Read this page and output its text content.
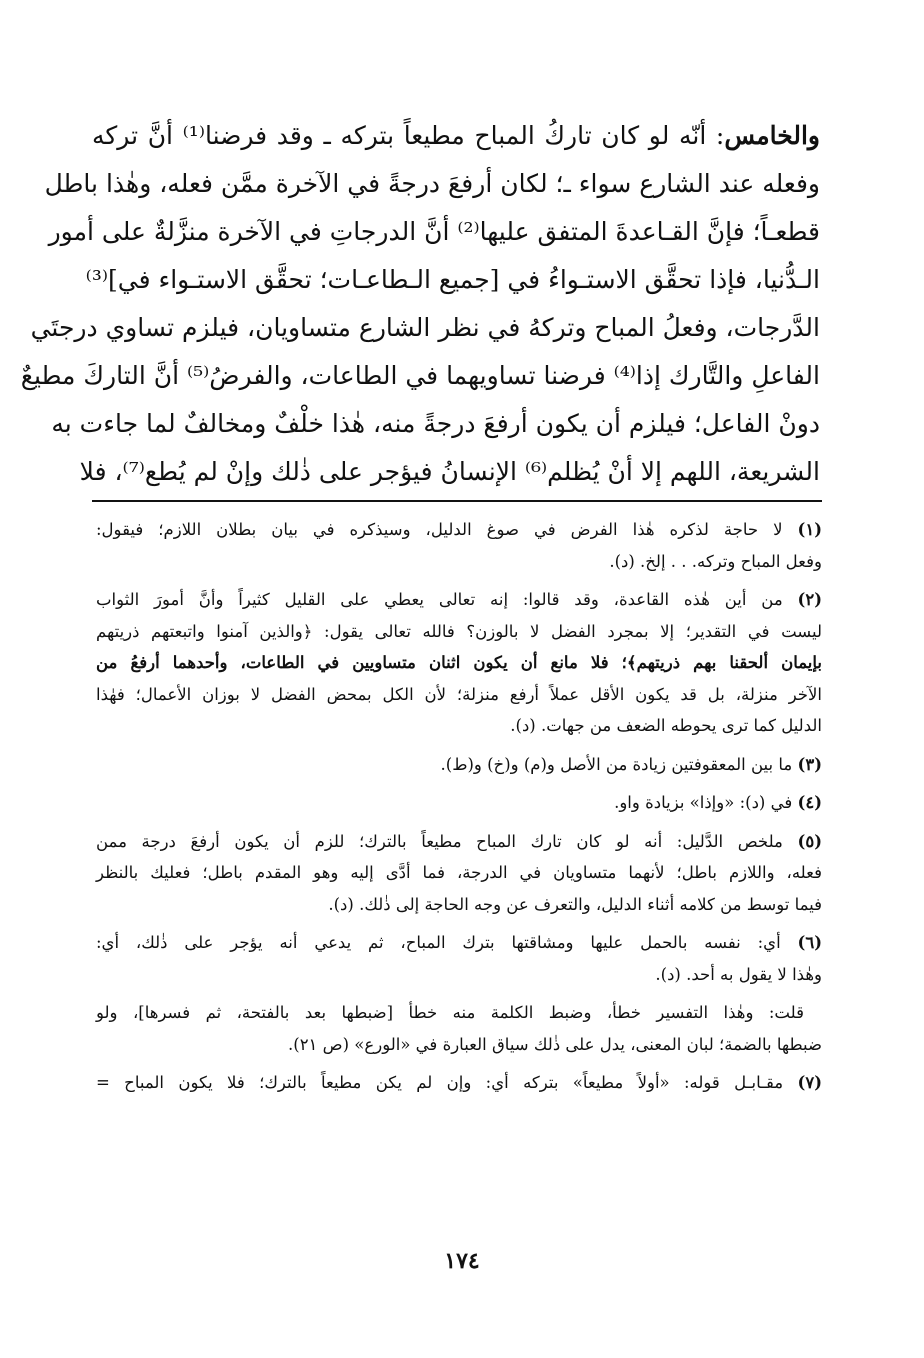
والخامس: أنّه لو كان تاركُ المباح مطيعاً بتركه ـ وقد فرضنا⁽¹⁾ أنَّ تركه
وفعله عند الشارع سواء ـ؛ لكان أرفعَ درجةً في الآخرة ممَّن فعله، وهٰذا باطل
قطعـاً؛ فإنَّ القـاعدةَ المتفق عليها⁽²⁾ أنَّ الدرجاتِ في الآخرة منزَّلةٌ على أمور
الـدُّنيا، فإذا تحقَّق الاستـواءُ في [جميع الـطاعـات؛ تحقَّق الاستـواء في]⁽³⁾
الدَّرجات، وفعلُ المباح وتركهُ في نظر الشارع متساويان، فيلزم تساوي درجتَي
الفاعلِ والتَّارك إذا⁽⁴⁾ فرضنا تساويهما في الطاعات، والفرضُ⁽⁵⁾ أنَّ التاركَ مطيعٌ
دونْ الفاعل؛ فيلزم أن يكون أرفعَ درجةً منه، هٰذا خلْفٌ ومخالفٌ لما جاءت به
الشريعة، اللهم إلا أنْ يُظلم⁽⁶⁾ الإنسانُ فيؤجر على ذٰلك وإنْ لم يُطع⁽⁷⁾، فلا
(١) لا حاجة لذكره هٰذا الفرض في صوغ الدليل، وسيذكره في بيان بطلان اللازم؛ فيقول:
وفعل المباح وتركه. . . إلخ. (د).
(٢) من أين هٰذه القاعدة، وقد قالوا: إنه تعالى يعطي على القليل كثيراً وأنَّ أمورَ الثواب
ليست في التقدير؛ إلا بمجرد الفضل لا بالوزن؟ فالله تعالى يقول: ﴿والذين آمنوا واتبعتهم ذريتهم
بإيمان ألحقنا بهم ذريتهم﴾؛ فلا مانع أن يكون اثنان متساويين في الطاعات، وأحدهما أرفعُ من
الآخر منزلة، بل قد يكون الأقل عملاً أرفع منزلة؛ لأن الكل بمحض الفضل لا بوزان الأعمال؛ فهٰذا
الدليل كما ترى يحوطه الضعف من جهات. (د).
(٣) ما بين المعقوفتين زيادة من الأصل و(م) و(خ) و(ط).
(٤) في (د): «وإذا» بزيادة واو.
(٥) ملخص الدَّليل: أنه لو كان تارك المباح مطيعاً بالترك؛ للزم أن يكون أرفعَ درجة ممن
فعله، واللازم باطل؛ لأنهما متساويان في الدرجة، فما أدَّى إليه وهو المقدم باطل؛ فعليك بالنظر
فيما توسط من كلامه أثناء الدليل، والتعرف عن وجه الحاجة إلى ذٰلك. (د).
(٦) أي: نفسه بالحمل عليها ومشاقتها بترك المباح، ثم يدعي أنه يؤجر على ذٰلك، أي:
وهٰذا لا يقول به أحد. (د).
قلت: وهٰذا التفسير خطأ، وضبط الكلمة منه خطأ [ضبطها بعد بالفتحة، ثم فسرها]، ولو
ضبطها بالضمة؛ لبان المعنى، يدل على ذٰلك سياق العبارة في «الورع» (ص ٢١).
(٧) مقـابـل قوله: «أولاً مطيعاً» بتركه أي: وإن لم يكن مطيعاً بالترك؛ فلا يكون المباح =
١٧٤
